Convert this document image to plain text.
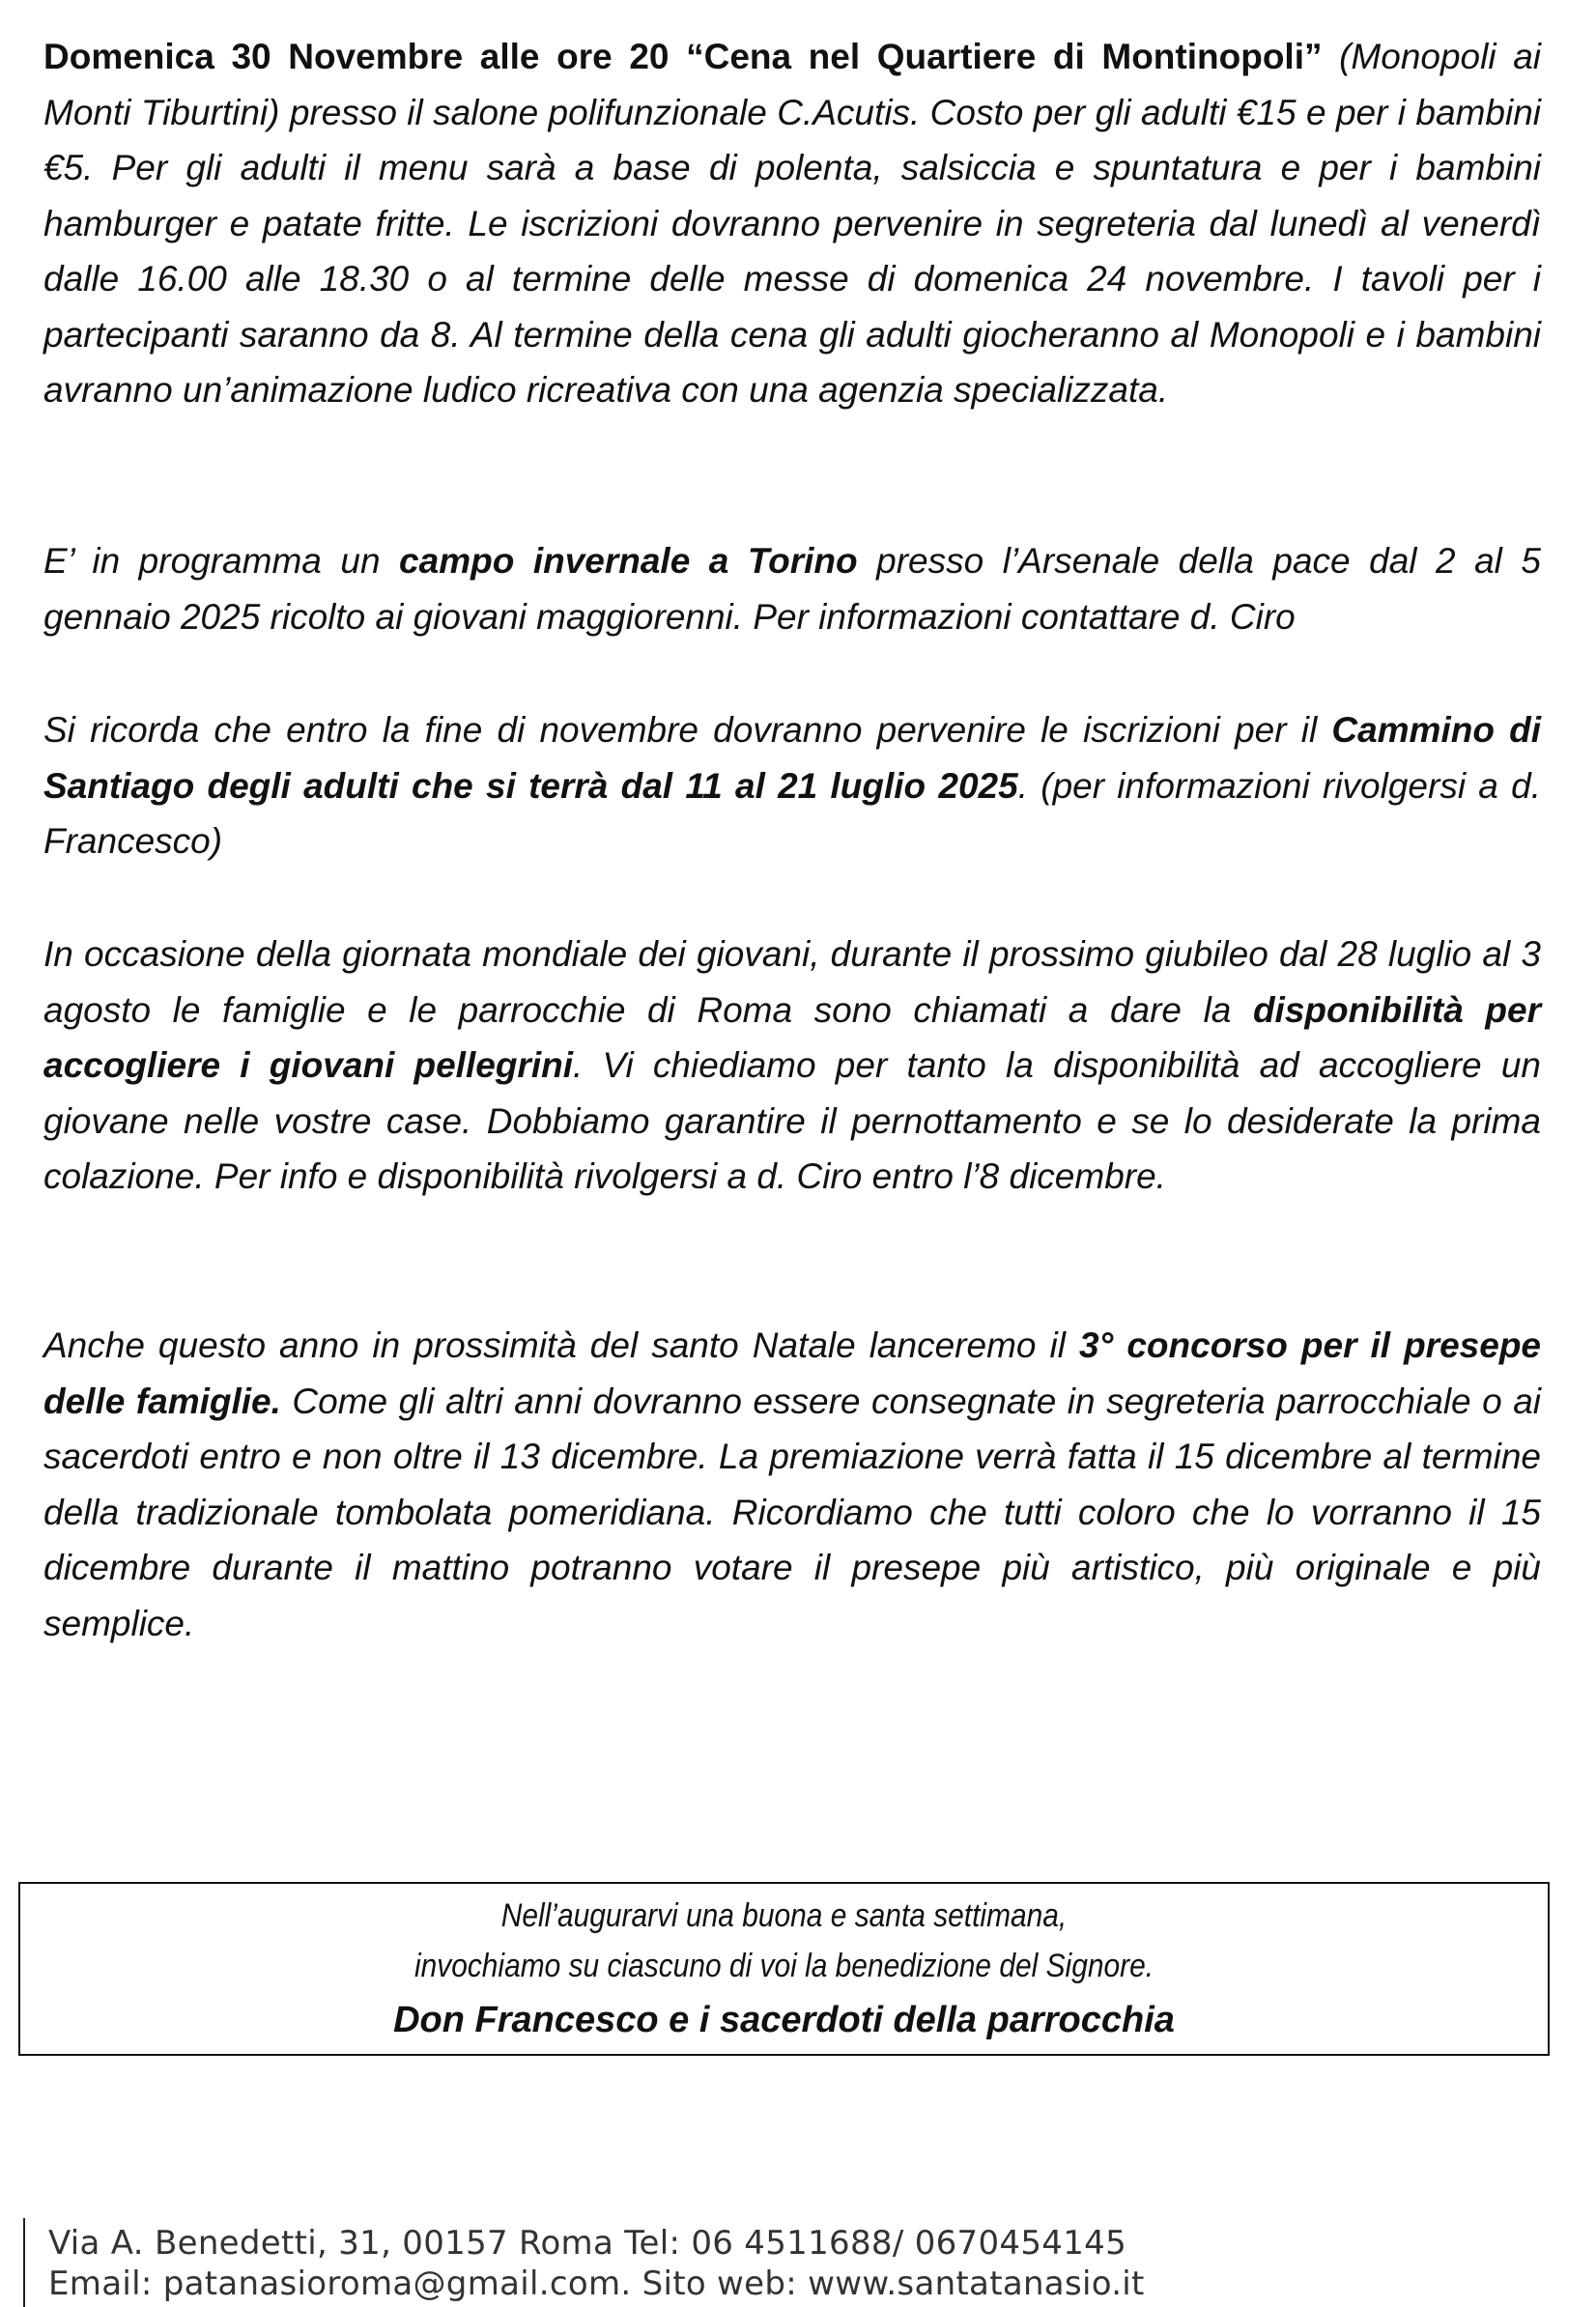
Domenica 30 Novembre alle ore 20 “Cena nel Quartiere di Montinopoli” (Monopoli ai Monti Tiburtini) presso il salone polifunzionale C.Acutis. Costo per gli adulti €15 e per i bambini €5. Per gli adulti il menu sarà a base di polenta, salsiccia e spuntatura e per i bambini hamburger e patate fritte. Le iscrizioni dovranno pervenire in segreteria dal lunedì al venerdì dalle 16.00 alle 18.30 o al termine delle messe di domenica 24 novembre. I tavoli per i partecipanti saranno da 8. Al termine della cena gli adulti giocheranno al Monopoli e i bambini avranno un’animazione ludico ricreativa con una agenzia specializzata.

E’ in programma un campo invernale a Torino presso l’Arsenale della pace dal 2 al 5 gennaio 2025 ricolto ai giovani maggiorenni. Per informazioni contattare d. Ciro

Si ricorda che entro la fine di novembre dovranno pervenire le iscrizioni per il Cammino di Santiago degli adulti che si terrà dal 11 al 21 luglio 2025. (per informazioni rivolgersi a d. Francesco)

In occasione della giornata mondiale dei giovani, durante il prossimo giubileo dal 28 luglio al 3 agosto le famiglie e le parrocchie di Roma sono chiamati a dare la disponibilità per accogliere i giovani pellegrini. Vi chiediamo per tanto la disponibilità ad accogliere un giovane nelle vostre case. Dobbiamo garantire il pernottamento e se lo desiderate la prima colazione. Per info e disponibilità rivolgersi a d. Ciro entro l’8 dicembre.

Anche questo anno in prossimità del santo Natale lanceremo il 3° concorso per il presepe delle famiglie. Come gli altri anni dovranno essere consegnate in segreteria parrocchiale o ai sacerdoti entro e non oltre il 13 dicembre. La premiazione verrà fatta il 15 dicembre al termine della tradizionale tombolata pomeridiana. Ricordiamo che tutti coloro che lo vorranno il 15 dicembre durante il mattino potranno votare il presepe più artistico, più originale e più semplice.

Nell’augurarvi una buona e santa settimana,
invochiamo su ciascuno di voi la benedizione del Signore.
Don Francesco e i sacerdoti della parrocchia
Via A. Benedetti, 31, 00157 Roma Tel: 06 4511688/ 0670454145
Email: patanasioroma@gmail.com. Sito web: www.santatanasio.it
